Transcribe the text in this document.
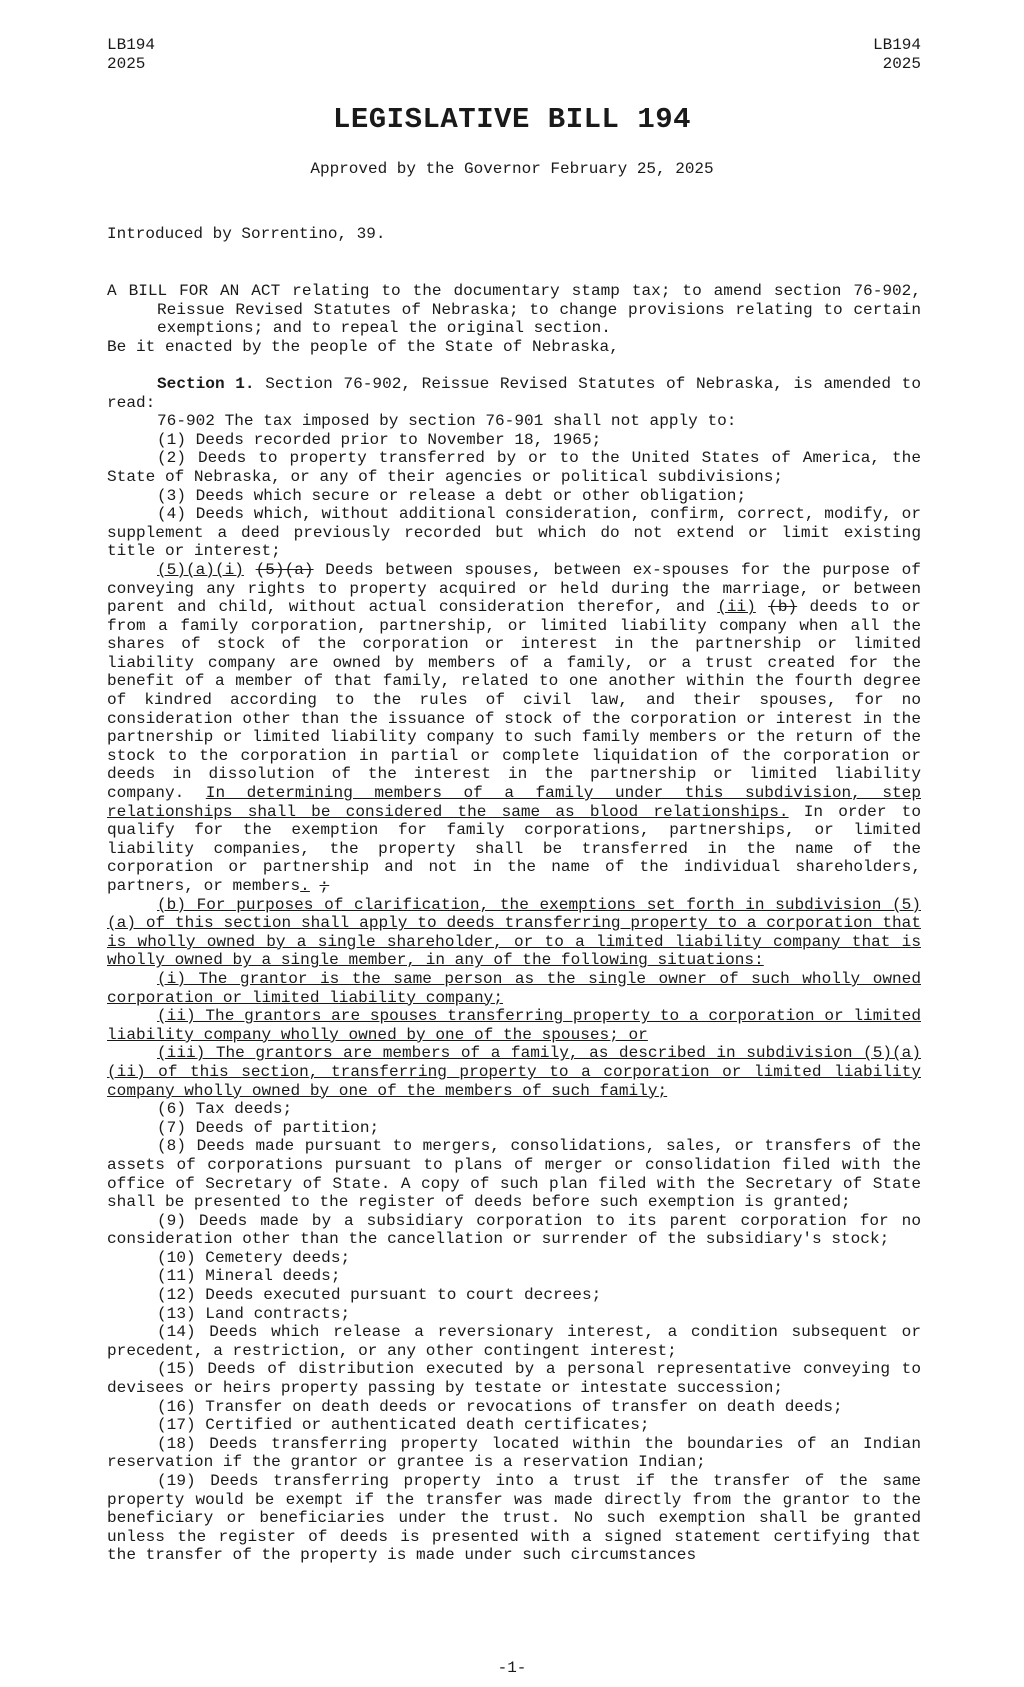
LB194
2025
LB194
2025
LEGISLATIVE BILL 194
Approved by the Governor February 25, 2025
Introduced by Sorrentino, 39.

A BILL FOR AN ACT relating to the documentary stamp tax; to amend section 76-902, Reissue Revised Statutes of Nebraska; to change provisions relating to certain exemptions; and to repeal the original section.

Be it enacted by the people of the State of Nebraska,

Section 1. Section 76-902, Reissue Revised Statutes of Nebraska, is amended to read:

76-902 The tax imposed by section 76-901 shall not apply to:

(1) Deeds recorded prior to November 18, 1965;

(2) Deeds to property transferred by or to the United States of America, the State of Nebraska, or any of their agencies or political subdivisions;

(3) Deeds which secure or release a debt or other obligation;

(4) Deeds which, without additional consideration, confirm, correct, modify, or supplement a deed previously recorded but which do not extend or limit existing title or interest;

(5)(a)(i) (5)(a) Deeds between spouses, between ex-spouses for the purpose of conveying any rights to property acquired or held during the marriage, or between parent and child, without actual consideration therefor, and (ii) (b) deeds to or from a family corporation, partnership, or limited liability company when all the shares of stock of the corporation or interest in the partnership or limited liability company are owned by members of a family, or a trust created for the benefit of a member of that family, related to one another within the fourth degree of kindred according to the rules of civil law, and their spouses, for no consideration other than the issuance of stock of the corporation or interest in the partnership or limited liability company to such family members or the return of the stock to the corporation in partial or complete liquidation of the corporation or deeds in dissolution of the interest in the partnership or limited liability company. In determining members of a family under this subdivision, step relationships shall be considered the same as blood relationships. In order to qualify for the exemption for family corporations, partnerships, or limited liability companies, the property shall be transferred in the name of the corporation or partnership and not in the name of the individual shareholders, partners, or members. ;

(b) For purposes of clarification, the exemptions set forth in subdivision (5)(a) of this section shall apply to deeds transferring property to a corporation that is wholly owned by a single shareholder, or to a limited liability company that is wholly owned by a single member, in any of the following situations:

(i) The grantor is the same person as the single owner of such wholly owned corporation or limited liability company;

(ii) The grantors are spouses transferring property to a corporation or limited liability company wholly owned by one of the spouses; or

(iii) The grantors are members of a family, as described in subdivision (5)(a)(ii) of this section, transferring property to a corporation or limited liability company wholly owned by one of the members of such family;

(6) Tax deeds;

(7) Deeds of partition;

(8) Deeds made pursuant to mergers, consolidations, sales, or transfers of the assets of corporations pursuant to plans of merger or consolidation filed with the office of Secretary of State. A copy of such plan filed with the Secretary of State shall be presented to the register of deeds before such exemption is granted;

(9) Deeds made by a subsidiary corporation to its parent corporation for no consideration other than the cancellation or surrender of the subsidiary's stock;

(10) Cemetery deeds;

(11) Mineral deeds;

(12) Deeds executed pursuant to court decrees;

(13) Land contracts;

(14) Deeds which release a reversionary interest, a condition subsequent or precedent, a restriction, or any other contingent interest;

(15) Deeds of distribution executed by a personal representative conveying to devisees or heirs property passing by testate or intestate succession;

(16) Transfer on death deeds or revocations of transfer on death deeds;

(17) Certified or authenticated death certificates;

(18) Deeds transferring property located within the boundaries of an Indian reservation if the grantor or grantee is a reservation Indian;

(19) Deeds transferring property into a trust if the transfer of the same property would be exempt if the transfer was made directly from the grantor to the beneficiary or beneficiaries under the trust. No such exemption shall be granted unless the register of deeds is presented with a signed statement certifying that the transfer of the property is made under such circumstances

-1-
